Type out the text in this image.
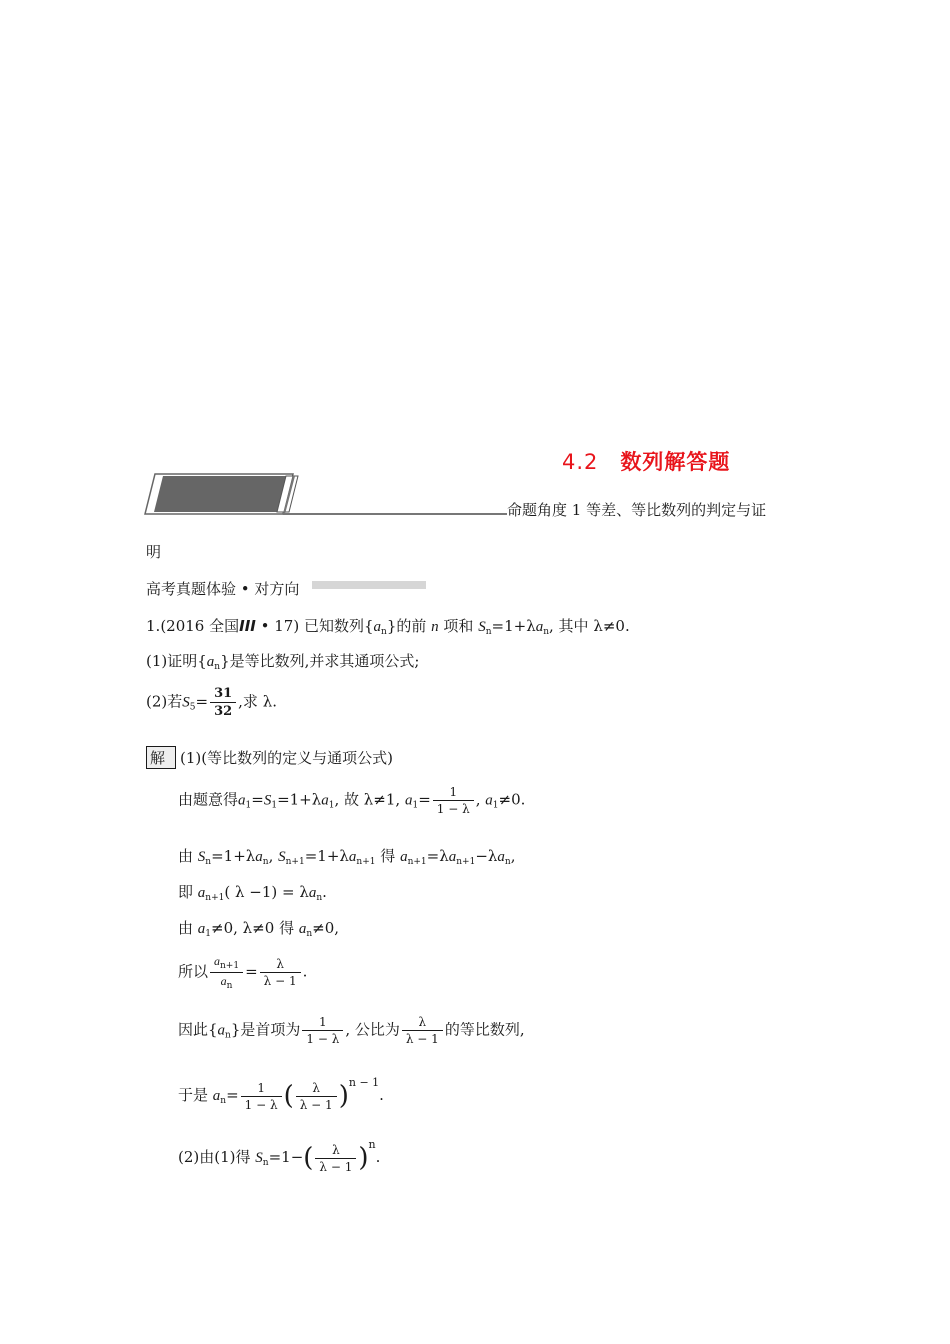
4.2 数列解答题
命题角度 1 等差、等比数列的判定与证
明
高考真题体验 • 对方向
1.(2016 全国III • 17) 已知数列$\{a_n\}$的前 n 项和 $S_n=1+\lambda a_n$, 其中 λ≠0.
(1)证明$\{a_n\}$是等比数列,并求其通项公式;
(2)若$S_5= \frac{31}{32}$ ,求 λ.
解 (1)(等比数列的定义与通项公式)
由题意得$a_1=S_1=1+\lambda a_1$, 故 λ≠1, $a_1= \frac{1}{1 - \lambda}$ , $a_1\ne 0$.
由 $S_n=1+\lambda a_n$, $S_{n+1}=1+\lambda a_{n+1}$ 得 $a_{n+1}=\lambda a_{n+1}-\lambda a_n$,
即 $a_{n+1}$( $\lambda -1) = \lambda a_n$.
由 $a_1\ne 0$, λ≠0 得 $a_n\ne 0$,
所以 $\frac{a_{n+1}}{a_n} = \frac{\lambda}{\lambda - 1}$ .
因此$\{a_n\}$是首项为 $\frac{1}{1 - \lambda}$ , 公比为 $\frac{\lambda}{\lambda - 1}$ 的等比数列,
于是 $a_n= \frac{1}{1 - \lambda}$ ( $\frac{\lambda}{\lambda - 1} )^{n - 1}$.
(2)由(1)得 $S_n=1-( \frac{\lambda}{\lambda - 1} )^n$.
